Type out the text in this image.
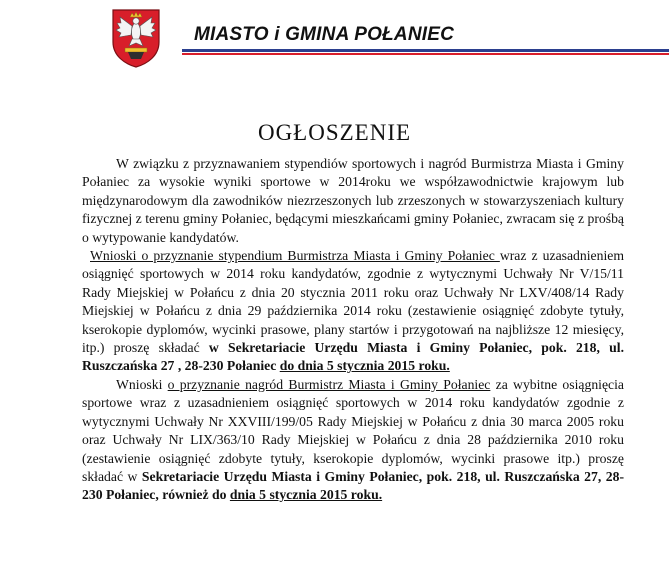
MIASTO i GMINA POŁANIEC
OGŁOSZENIE

W związku z przyznawaniem stypendiów sportowych i nagród Burmistrza Miasta i Gminy Połaniec za wysokie wyniki sportowe w 2014roku we współzawodnictwie krajowym lub międzynarodowym dla zawodników niezrzeszonych lub zrzeszonych w stowarzyszeniach kultury fizycznej z terenu gminy Połaniec, będącymi mieszkańcami gminy Połaniec, zwracam się z prośbą o wytypowanie kandydatów.

Wnioski o przyznanie stypendium Burmistrza Miasta i Gminy Połaniec wraz z uzasadnieniem osiągnięć sportowych w 2014 roku kandydatów, zgodnie z wytycznymi Uchwały Nr V/15/11 Rady Miejskiej w Połańcu z dnia 20 stycznia 2011 roku oraz Uchwały Nr LXV/408/14 Rady Miejskiej w Połańcu z dnia 29 października 2014 roku (zestawienie osiągnięć zdobyte tytuły, kserokopie dyplomów, wycinki prasowe, plany startów i przygotowań na najbliższe 12 miesięcy, itp.) proszę składać w Sekretariacie Urzędu Miasta i Gminy Połaniec, pok. 218, ul. Ruszczańska 27 , 28-230 Połaniec do dnia 5 stycznia 2015 roku.

Wnioski o przyznanie nagród Burmistrz Miasta i Gminy Połaniec za wybitne osiągnięcia sportowe wraz z uzasadnieniem osiągnięć sportowych w 2014 roku kandydatów zgodnie z wytycznymi Uchwały Nr XXVIII/199/05 Rady Miejskiej w Połańcu z dnia 30 marca 2005 roku oraz Uchwały Nr LIX/363/10 Rady Miejskiej w Połańcu z dnia 28 października 2010 roku (zestawienie osiągnięć zdobyte tytuły, kserokopie dyplomów, wycinki prasowe itp.) proszę składać w Sekretariacie Urzędu Miasta i Gminy Połaniec, pok. 218, ul. Ruszczańska 27, 28-230 Połaniec, również do dnia 5 stycznia 2015 roku.
